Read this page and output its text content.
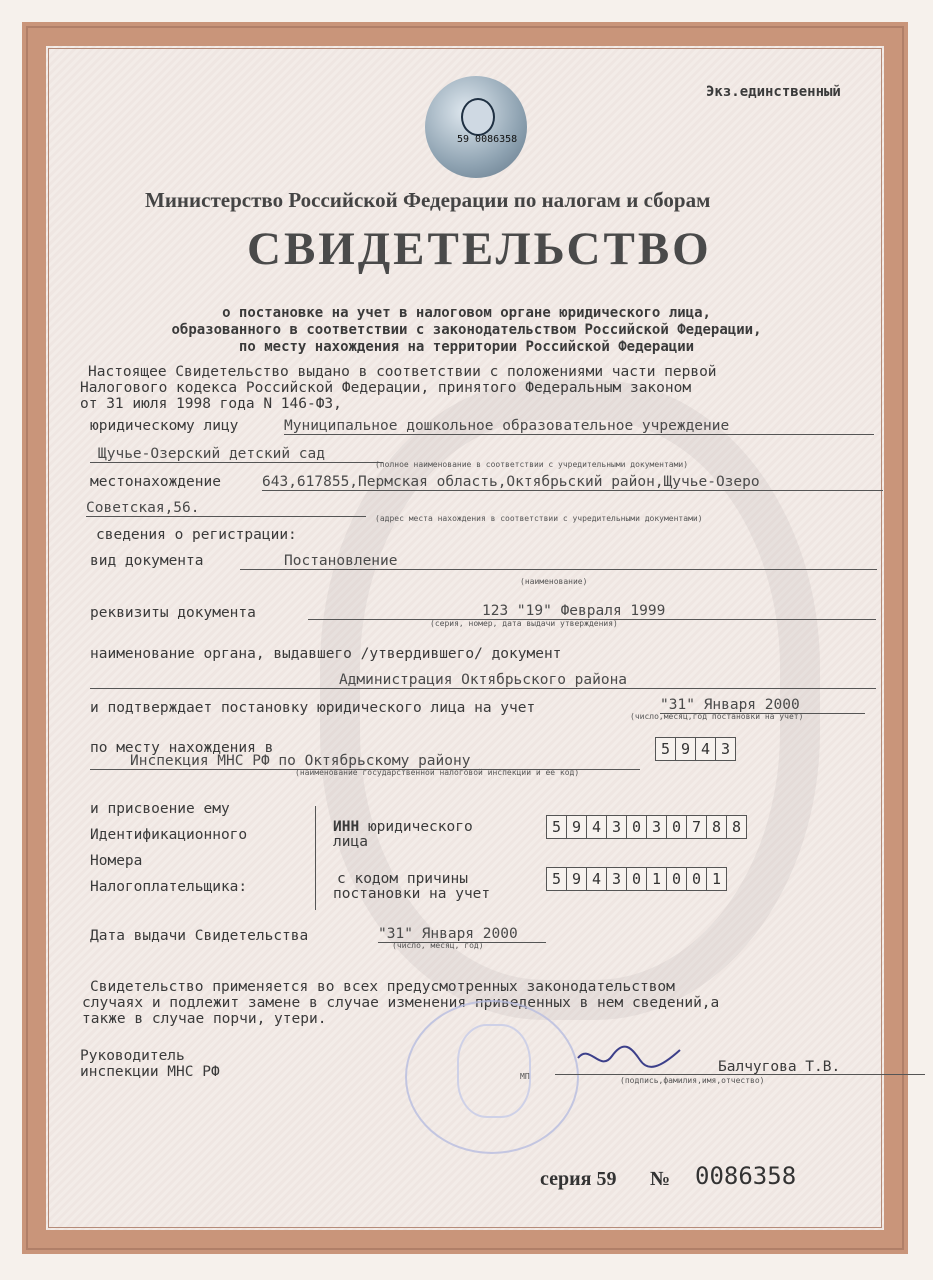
59 0086358
Экз.единственный
Министерство Российской Федерации по налогам и сборам
СВИДЕТЕЛЬСТВО
о постановке на учет в налоговом органе юридического лица,
образованного в соответствии с законодательством Российской Федерации,
по месту нахождения на территории Российской Федерации
Настоящее Свидетельство выдано в соответствии с положениями части первой
Налогового кодекса Российской Федерации, принятого Федеральным законом
от 31 июля 1998 года N 146-ФЗ,
юридическому лицу	Муниципальное дошкольное образовательное учреждение
Щучье-Озерский детский сад
(полное наименование в соответствии с учредительными документами)
местонахождение	643,617855,Пермская область,Октябрьский район,Щучье-Озеро
Советская,56.
(адрес места нахождения в соответствии с учредительными документами)
сведения о регистрации:
вид документа	Постановление
(наименование)
реквизиты документа	123 "19" Февраля 1999
(серия, номер, дата выдачи утверждения)
наименование органа, выдавшего /утвердившего/ документ
Администрация Октябрьского района
и подтверждает постановку юридического лица на учет	"31" Января 2000
(число,месяц,год постановки на учет)
по месту нахождения в
Инспекция МНС РФ по Октябрьскому району
(наименование государственной налоговой инспекции и ее код)
5 9 4 3
и присвоение ему
Идентификационного
Номера
Налогоплательщика:
ИНН юридического
лица
5 9 4 3 0 3 0 7 8 8
с кодом причины
постановки на учет
5 9 4 3 0 1 0 0 1
Дата выдачи Свидетельства	"31" Января 2000
(число, месяц, год)
Свидетельство применяется во всех предусмотренных законодательством
случаях и подлежит замене в случае изменения приведенных в нем сведений,а
также в случае порчи, утери.
Руководитель
инспекции МНС РФ	МП
Балчугова Т.В.
(подпись,фамилия,имя,отчество)
серия 59 № 0086358
